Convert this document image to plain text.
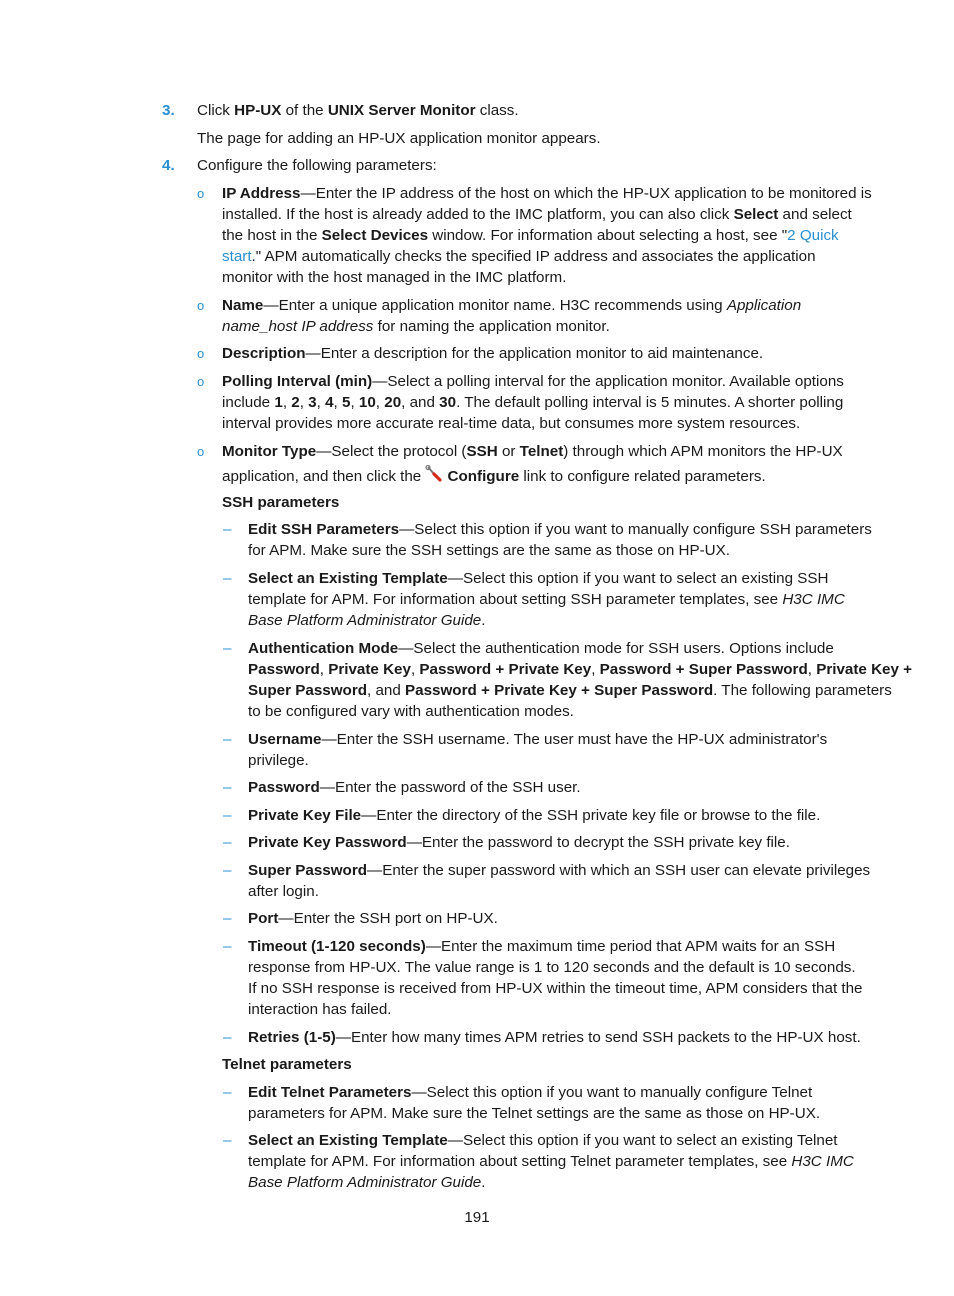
3. Click HP-UX of the UNIX Server Monitor class.
The page for adding an HP-UX application monitor appears.
4. Configure the following parameters:
o IP Address—Enter the IP address of the host on which the HP-UX application to be monitored is
installed. If the host is already added to the IMC platform, you can also click Select and select
the host in the Select Devices window. For information about selecting a host, see "2 Quick
start." APM automatically checks the specified IP address and associates the application
monitor with the host managed in the IMC platform.
o Name—Enter a unique application monitor name. H3C recommends using Application
name_host IP address for naming the application monitor.
o Description—Enter a description for the application monitor to aid maintenance.
o Polling Interval (min)—Select a polling interval for the application monitor. Available options
include 1, 2, 3, 4, 5, 10, 20, and 30. The default polling interval is 5 minutes. A shorter polling
interval provides more accurate real-time data, but consumes more system resources.
o Monitor Type—Select the protocol (SSH or Telnet) through which APM monitors the HP-UX
application, and then click the Configure link to configure related parameters.
SSH parameters
– Edit SSH Parameters—Select this option if you want to manually configure SSH parameters
for APM. Make sure the SSH settings are the same as those on HP-UX.
– Select an Existing Template—Select this option if you want to select an existing SSH
template for APM. For information about setting SSH parameter templates, see H3C IMC
Base Platform Administrator Guide.
– Authentication Mode—Select the authentication mode for SSH users. Options include
Password, Private Key, Password + Private Key, Password + Super Password, Private Key +
Super Password, and Password + Private Key + Super Password. The following parameters
to be configured vary with authentication modes.
– Username—Enter the SSH username. The user must have the HP-UX administrator's
privilege.
– Password—Enter the password of the SSH user.
– Private Key File—Enter the directory of the SSH private key file or browse to the file.
– Private Key Password—Enter the password to decrypt the SSH private key file.
– Super Password—Enter the super password with which an SSH user can elevate privileges
after login.
– Port—Enter the SSH port on HP-UX.
– Timeout (1-120 seconds)—Enter the maximum time period that APM waits for an SSH
response from HP-UX. The value range is 1 to 120 seconds and the default is 10 seconds.
If no SSH response is received from HP-UX within the timeout time, APM considers that the
interaction has failed.
– Retries (1-5)—Enter how many times APM retries to send SSH packets to the HP-UX host.
Telnet parameters
– Edit Telnet Parameters—Select this option if you want to manually configure Telnet
parameters for APM. Make sure the Telnet settings are the same as those on HP-UX.
– Select an Existing Template—Select this option if you want to select an existing Telnet
template for APM. For information about setting Telnet parameter templates, see H3C IMC
Base Platform Administrator Guide.
191
